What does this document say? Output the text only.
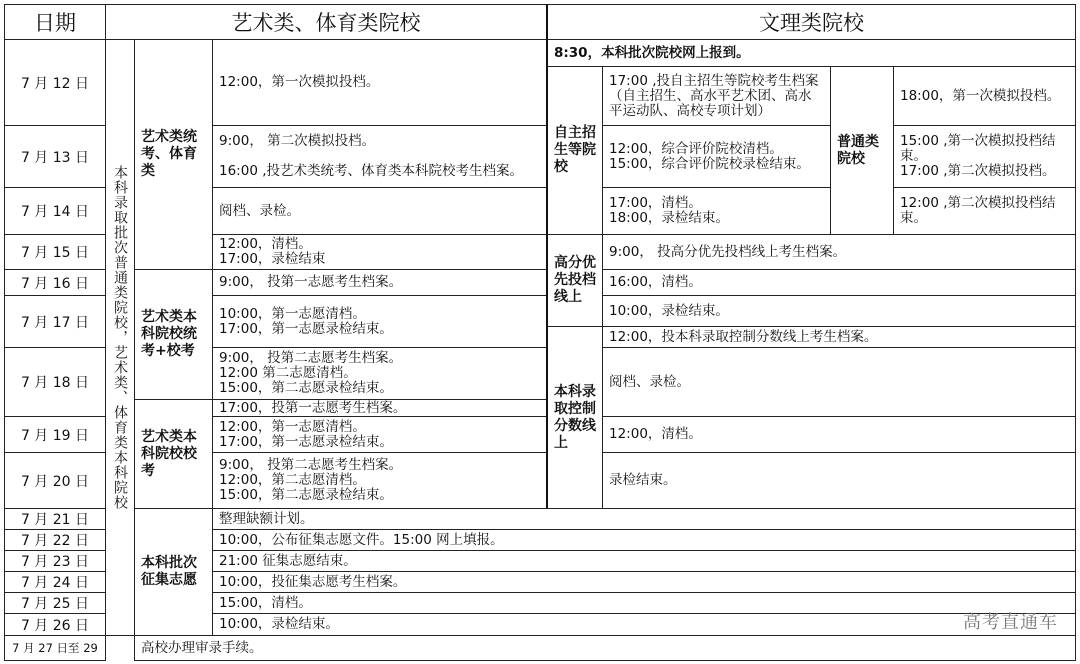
日期	艺术类、体育类院校	文理类院校
7 月 12 日
7 月 13 日
7 月 14 日
7 月 15 日
7 月 16 日
7 月 17 日
7 月 18 日
7 月 19 日
7 月 20 日
7 月 21 日
7 月 22 日
7 月 23 日
7 月 24 日
7 月 25 日
7 月 26 日
7 月 27 日至 29
本科录取批次普通类院校，艺术类、体育类本科院校
艺术类统考、体育类
艺术类本科院校统考+校考
艺术类本科院校校考
本科批次征集志愿
12:00，第一次模拟投档。
9:00， 第二次模拟投档。

16:00 ,投艺术类统考、体育类本科院校考生档案。
阅档、录检。
12:00，清档。
17:00，录检结束
9:00， 投第一志愿考生档案。
10:00，第一志愿清档。
17:00，第一志愿录检结束。
9:00， 投第二志愿考生档案。
12:00 第二志愿清档。
15:00，第二志愿录检结束。
17:00，投第一志愿考生档案。
12:00，第一志愿清档。
17:00，第一志愿录检结束。
9:00， 投第二志愿考生档案。
12:00，第二志愿清档。
15:00，第二志愿录检结束。
整理缺额计划。
10:00，公布征集志愿文件。15:00 网上填报。
21:00 征集志愿结束。
10:00，投征集志愿考生档案。
15:00，清档。
10:00，录检结束。
高校办理审录手续。
8:30，本科批次院校网上报到。
自主招生等院校
17:00 ,投自主招生等院校考生档案（自主招生、高水平艺术团、高水平运动队、高校专项计划）
12:00，综合评价院校清档。
15:00，综合评价院校录检结束。
17:00，清档。
18:00，录检结束。
普通类院校
18:00，第一次模拟投档。
15:00 ,第一次模拟投档结束。
17:00 ,第二次模拟投档。
12:00 ,第二次模拟投档结束。
高分优先投档线上
9:00， 投高分优先投档线上考生档案。
16:00，清档。
10:00，录检结束。
本科录取控制分数线上
12:00，投本科录取控制分数线上考生档案。
阅档、录检。
12:00，清档。
录检结束。
高考直通车
